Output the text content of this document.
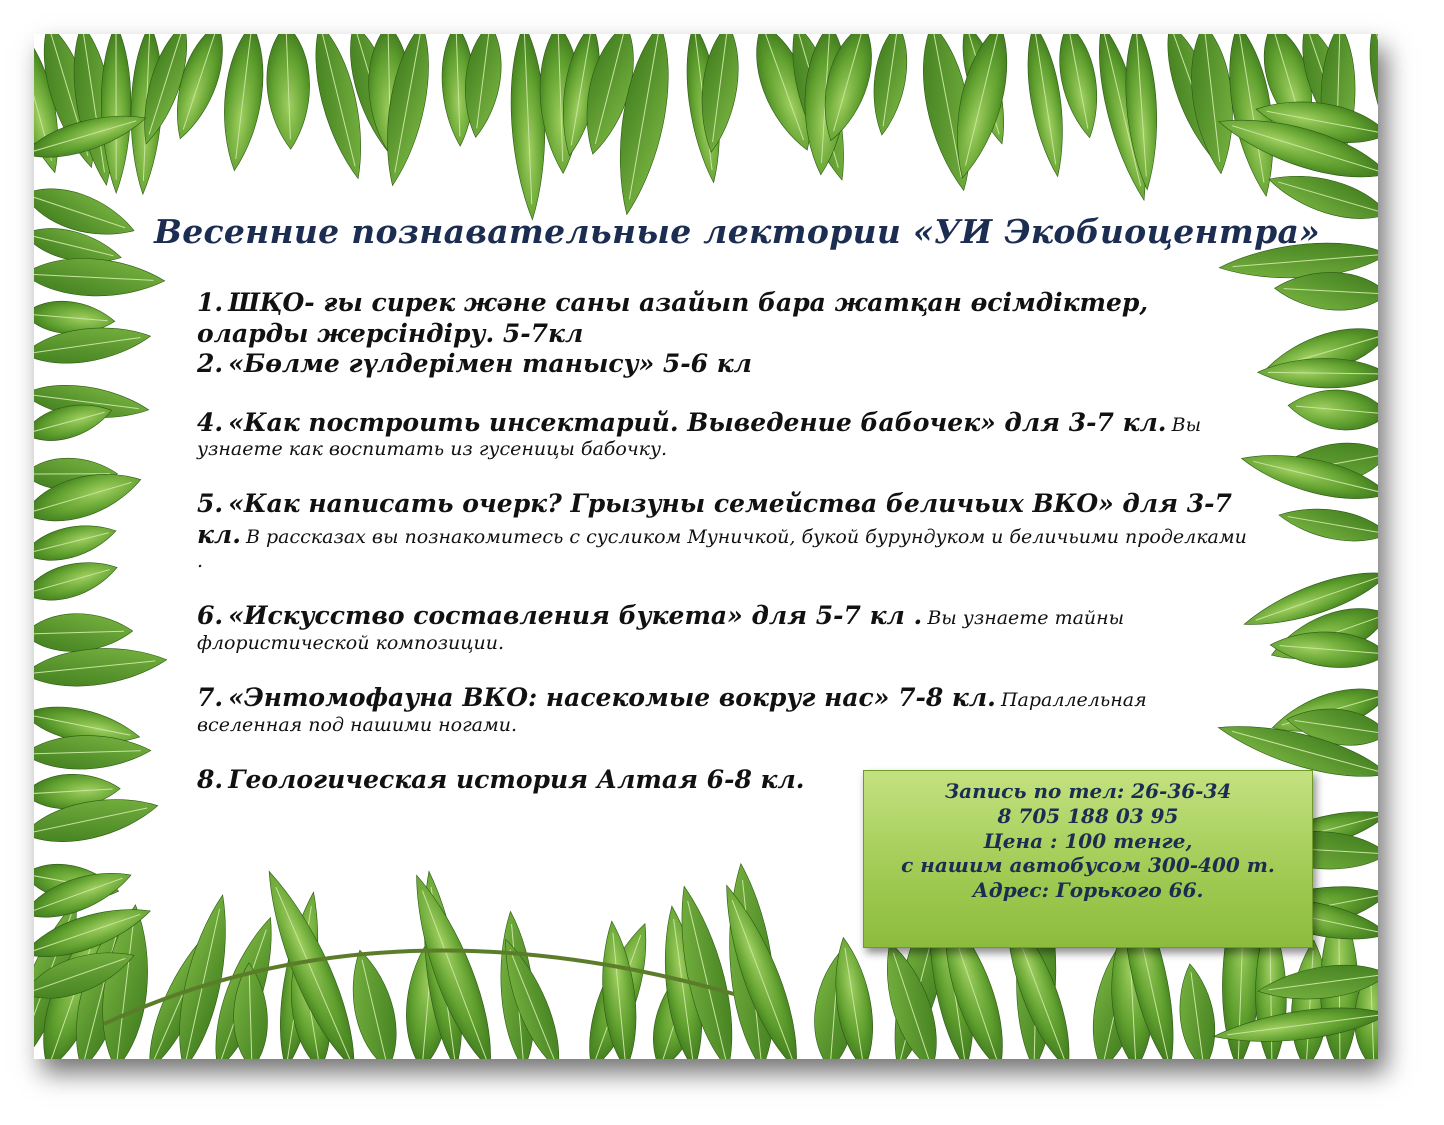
Весенние познавательные лектории «УИ Экобиоцентра»

1. ШҚО- ғы сирек және саны азайып бара жатқан өсімдіктер, оларды жерсіндіру. 5-7кл

2. «Бөлме гүлдерімен танысу» 5-6 кл

4. «Как построить инсектарий. Выведение бабочек» для 3-7 кл. Вы узнаете как воспитать из гусеницы бабочку.

5. «Как написать очерк? Грызуны семейства беличьих ВКО» для 3-7 кл. В рассказах вы познакомитесь с сусликом Муничкой, букой бурундуком и беличьими проделками .

6. «Искусство составления букета» для 5-7 кл . Вы узнаете тайны флористической композиции.

7. «Энтомофауна ВКО: насекомые вокруг нас» 7-8 кл. Параллельная вселенная под нашими ногами.

8. Геологическая история Алтая 6-8 кл.	Запись по тел: 26-36-34
8 705 188 03 95
Цена : 100 тенге,
с нашим автобусом 300-400 т.
Адрес: Горького 66.
